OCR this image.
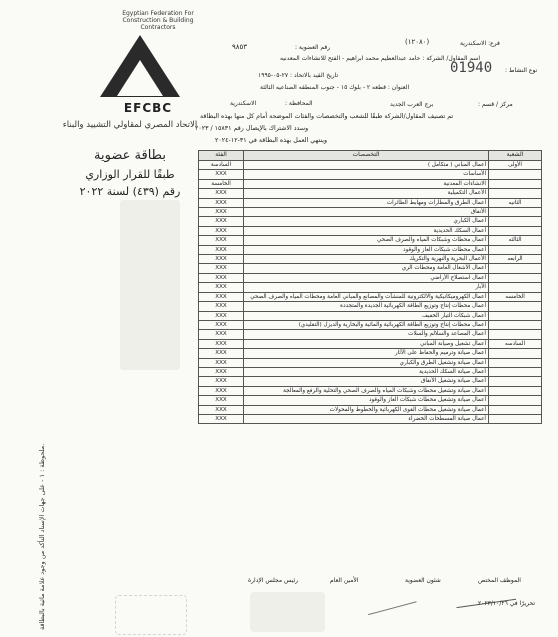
Egyptian Federation For Construction & Building Contractors
EFCBC
الاتحاد المصري لمقاولي التشييد والبناء
بطاقة عضوية
طبقًا للقرار الوزاري
رقم (٤٣٩) لسنة ٢٠٢٢
ملحوظة : ١ - على جهات الإسناد التأكد من وجود علامة مائية بالبطاقة.
فرع: الاسكندرية
(١٢٠٨٠)
رقم العضوية :
٩٨٥٣
اسم المقاول/ الشركة : حامد عبدالعظيم محمد ابراهيم - الفتح للانشاءات المعدنيه
نوع النشاط :
01940
تاريخ القيد بالاتحاد : ٢٧-٠٥-١٩٩٥
العنوان : قطعه ٢ - بلوك ١٥ - جنوب المنطقه الصناعيه الثالثة
مركز / قسم :
برج العرب الجديد
المحافظة :
الاسكندرية
تم تصنيف المقاول/الشركة طبقًا للشعب والتخصصات والفئات الموضحة أمام كل منها بهذه البطاقة
وسدد الاشتراك بالإيصال رقم ١٥٨٣١ / ٢٠٢٣
وينتهي العمل بهذه البطاقة في ٣١-١٢-٢٠٢٤
الفئة	التخصصات	الشعبة
السادسة	أعمال المباني ( متكامل )	الأولى
XXX	الأساسات	
الخامسة	الانشاءات المعدنية	
XXX	الأعمال التكميلية	
XXX	أعمال الطرق والمطارات ومهابط الطائرات	الثانيه
XXX	الأنفاق	
XXX	أعمال الكباري	
XXX	أعمال السكك الحديدية	
XXX	أعمال محطات وشبكات المياه والصرف الصحي	الثالثه
XXX	أعمال محطات شبكات الغاز والوقود	
XXX	الأعمال البحرية والنهرية والتكريك	الرابعه
XXX	أعمال الأشغال العامة ومحطات الري	
XXX	أعمال استصلاح الأراضي	
XXX	الآبار	
XXX	أعمال الكهروميكانيكية والالكترونية للمنشآت والمصانع والمباني العامة ومحطات المياه والصرف الصحي	الخامسه
XXX	أعمال محطات إنتاج وتوزيع الطاقة الكهربائية الجديدة والمتجددة	
XXX	أعمال شبكات التيار الخفيف	
XXX	أعمال محطات إنتاج وتوزيع الطاقة الكهربائية والمائية والبخارية والديزل (التقليدي)	
XXX	أعمال المصاعد والسلالم والسلات	
XXX	أعمال تشغيل وصيانة المباني	السادسه
XXX	أعمال صيانة وترميم والحفاظ على الآثار	
XXX	أعمال صيانة وتشغيل الطرق والكباري	
XXX	أعمال صيانة السكك الحديدية	
XXX	أعمال صيانة وتشغيل الأنفاق	
XXX	أعمال صيانة وتشغيل محطات وشبكات المياه والصرف الصحي والتحلية والرفع والمعالجة	
XXX	أعمال صيانة وتشغيل محطات شبكات الغاز والوقود	
XXX	أعمال صيانة وتشغيل محطات القوى الكهربائية والخطوط والمحولات	
XXX	أعمال صيانة المسطحات الخضراء	
الموظف المختص
شئون العضوية
الأمين العام
رئيس مجلس الإدارة
تحريرًا في ٢٠٢٣/١٠/٢٦
